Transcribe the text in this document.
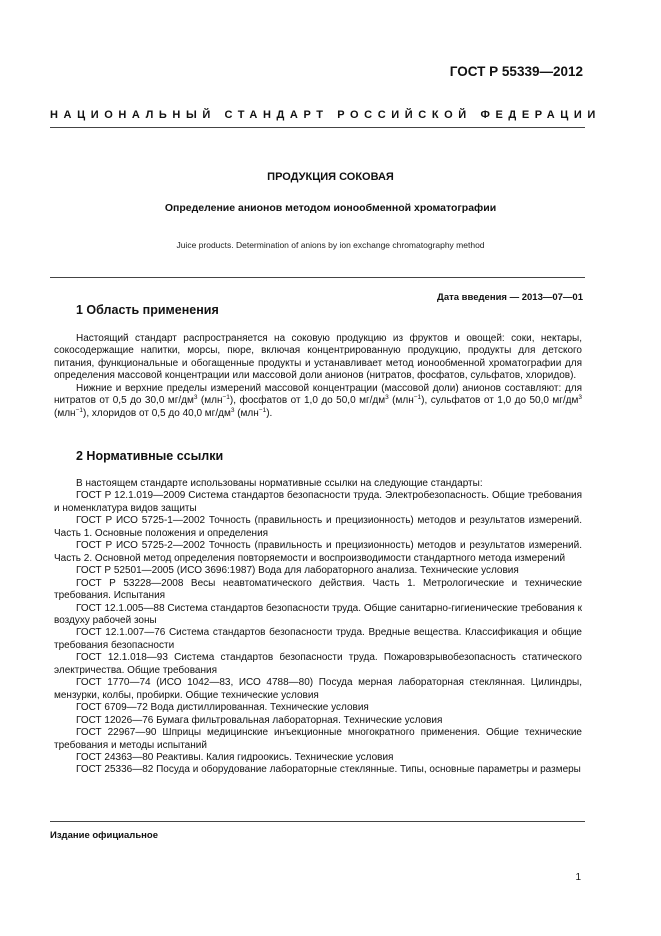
ГОСТ Р 55339—2012
НАЦИОНАЛЬНЫЙ СТАНДАРТ РОССИЙСКОЙ ФЕДЕРАЦИИ
ПРОДУКЦИЯ СОКОВАЯ
Определение анионов методом ионообменной хроматографии
Juice products. Determination of anions by ion exchange chromatography method
Дата введения — 2013—07—01
1 Область применения

Настоящий стандарт распространяется на соковую продукцию из фруктов и овощей: соки, нектары, сокосодержащие напитки, морсы, пюре, включая концентрированную продукцию, продукты для детского питания, функциональные и обогащенные продукты и устанавливает метод ионообменной хроматографии для определения массовой концентрации или массовой доли анионов (нитратов, фосфатов, сульфатов, хлоридов).

Нижние и верхние пределы измерений массовой концентрации (массовой доли) анионов составляют: для нитратов от 0,5 до 30,0 $мг/дм^3$ (млн$^{-1}$), фосфатов от 1,0 до 50,0 $мг/дм^3$ (млн$^{-1}$), сульфатов от 1,0 до 50,0 $мг/дм^3$ (млн$^{-1}$), хлоридов от 0,5 до 40,0 $мг/дм^3$ (млн$^{-1}$).

2 Нормативные ссылки

В настоящем стандарте использованы нормативные ссылки на следующие стандарты:

ГОСТ Р 12.1.019—2009 Система стандартов безопасности труда. Электробезопасность. Общие требования и номенклатура видов защиты

ГОСТ Р ИСО 5725-1—2002 Точность (правильность и прецизионность) методов и результатов измерений. Часть 1. Основные положения и определения

ГОСТ Р ИСО 5725-2—2002 Точность (правильность и прецизионность) методов и результатов измерений. Часть 2. Основной метод определения повторяемости и воспроизводимости стандартного метода измерений

ГОСТ Р 52501—2005 (ИСО 3696:1987) Вода для лабораторного анализа. Технические условия

ГОСТ Р 53228—2008 Весы неавтоматического действия. Часть 1. Метрологические и технические требования. Испытания

ГОСТ 12.1.005—88 Система стандартов безопасности труда. Общие санитарно-гигиенические требования к воздуху рабочей зоны

ГОСТ 12.1.007—76 Система стандартов безопасности труда. Вредные вещества. Классификация и общие требования безопасности

ГОСТ 12.1.018—93 Система стандартов безопасности труда. Пожаровзрывобезопасность статического электричества. Общие требования

ГОСТ 1770—74 (ИСО 1042—83, ИСО 4788—80) Посуда мерная лабораторная стеклянная. Цилиндры, мензурки, колбы, пробирки. Общие технические условия

ГОСТ 6709—72 Вода дистиллированная. Технические условия

ГОСТ 12026—76 Бумага фильтровальная лабораторная. Технические условия

ГОСТ 22967—90 Шприцы медицинские инъекционные многократного применения. Общие технические требования и методы испытаний

ГОСТ 24363—80 Реактивы. Калия гидроокись. Технические условия

ГОСТ 25336—82 Посуда и оборудование лабораторные стеклянные. Типы, основные параметры и размеры

Издание официальное
1
